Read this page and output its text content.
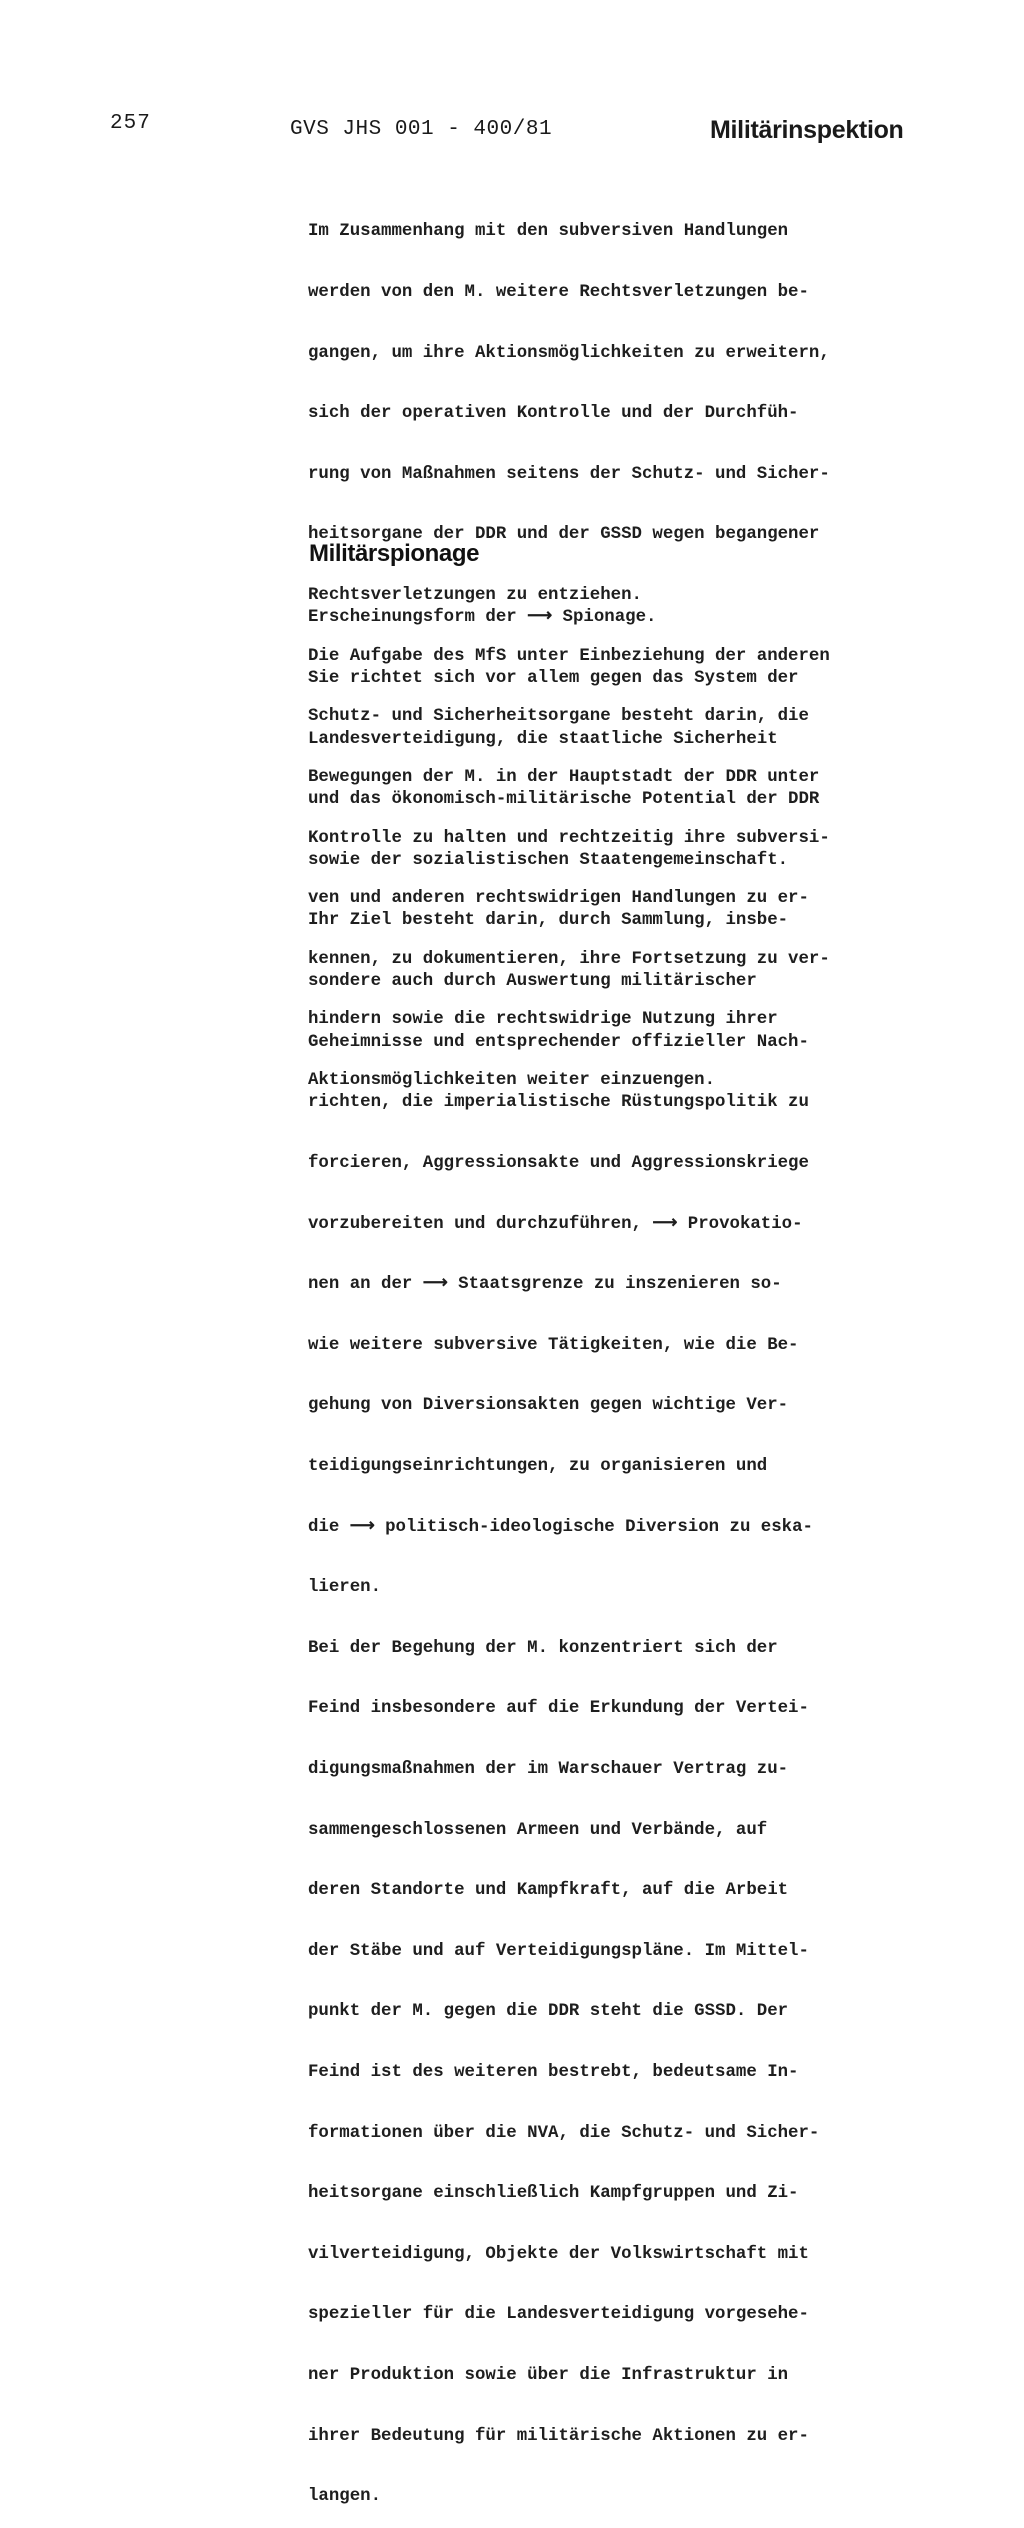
257	GVS JHS 001 - 400/81	Militärinspektion

Im Zusammenhang mit den subversiven Handlungen

werden von den M. weitere Rechtsverletzungen be-

gangen, um ihre Aktionsmöglichkeiten zu erweitern,

sich der operativen Kontrolle und der Durchfüh-

rung von Maßnahmen seitens der Schutz- und Sicher-

heitsorgane der DDR und der GSSD wegen begangener

Rechtsverletzungen zu entziehen.

Die Aufgabe des MfS unter Einbeziehung der anderen

Schutz- und Sicherheitsorgane besteht darin, die

Bewegungen der M. in der Hauptstadt der DDR unter

Kontrolle zu halten und rechtzeitig ihre subversi-

ven und anderen rechtswidrigen Handlungen zu er-

kennen, zu dokumentieren, ihre Fortsetzung zu ver-

hindern sowie die rechtswidrige Nutzung ihrer

Aktionsmöglichkeiten weiter einzuengen.

Militärspionage

Erscheinungsform der ⟶ Spionage.

Sie richtet sich vor allem gegen das System der

Landesverteidigung, die staatliche Sicherheit

und das ökonomisch-militärische Potential der DDR

sowie der sozialistischen Staatengemeinschaft.

Ihr Ziel besteht darin, durch Sammlung, insbe-

sondere auch durch Auswertung militärischer

Geheimnisse und entsprechender offizieller Nach-

richten, die imperialistische Rüstungspolitik zu

forcieren, Aggressionsakte und Aggressionskriege

vorzubereiten und durchzuführen, ⟶ Provokatio-

nen an der ⟶ Staatsgrenze zu inszenieren so-

wie weitere subversive Tätigkeiten, wie die Be-

gehung von Diversionsakten gegen wichtige Ver-

teidigungseinrichtungen, zu organisieren und

die ⟶ politisch-ideologische Diversion zu eska-

lieren.

Bei der Begehung der M. konzentriert sich der

Feind insbesondere auf die Erkundung der Vertei-

digungsmaßnahmen der im Warschauer Vertrag zu-

sammengeschlossenen Armeen und Verbände, auf

deren Standorte und Kampfkraft, auf die Arbeit

der Stäbe und auf Verteidigungspläne. Im Mittel-

punkt der M. gegen die DDR steht die GSSD. Der

Feind ist des weiteren bestrebt, bedeutsame In-

formationen über die NVA, die Schutz- und Sicher-

heitsorgane einschließlich Kampfgruppen und Zi-

vilverteidigung, Objekte der Volkswirtschaft mit

spezieller für die Landesverteidigung vorgesehe-

ner Produktion sowie über die Infrastruktur in

ihrer Bedeutung für militärische Aktionen zu er-

langen.
